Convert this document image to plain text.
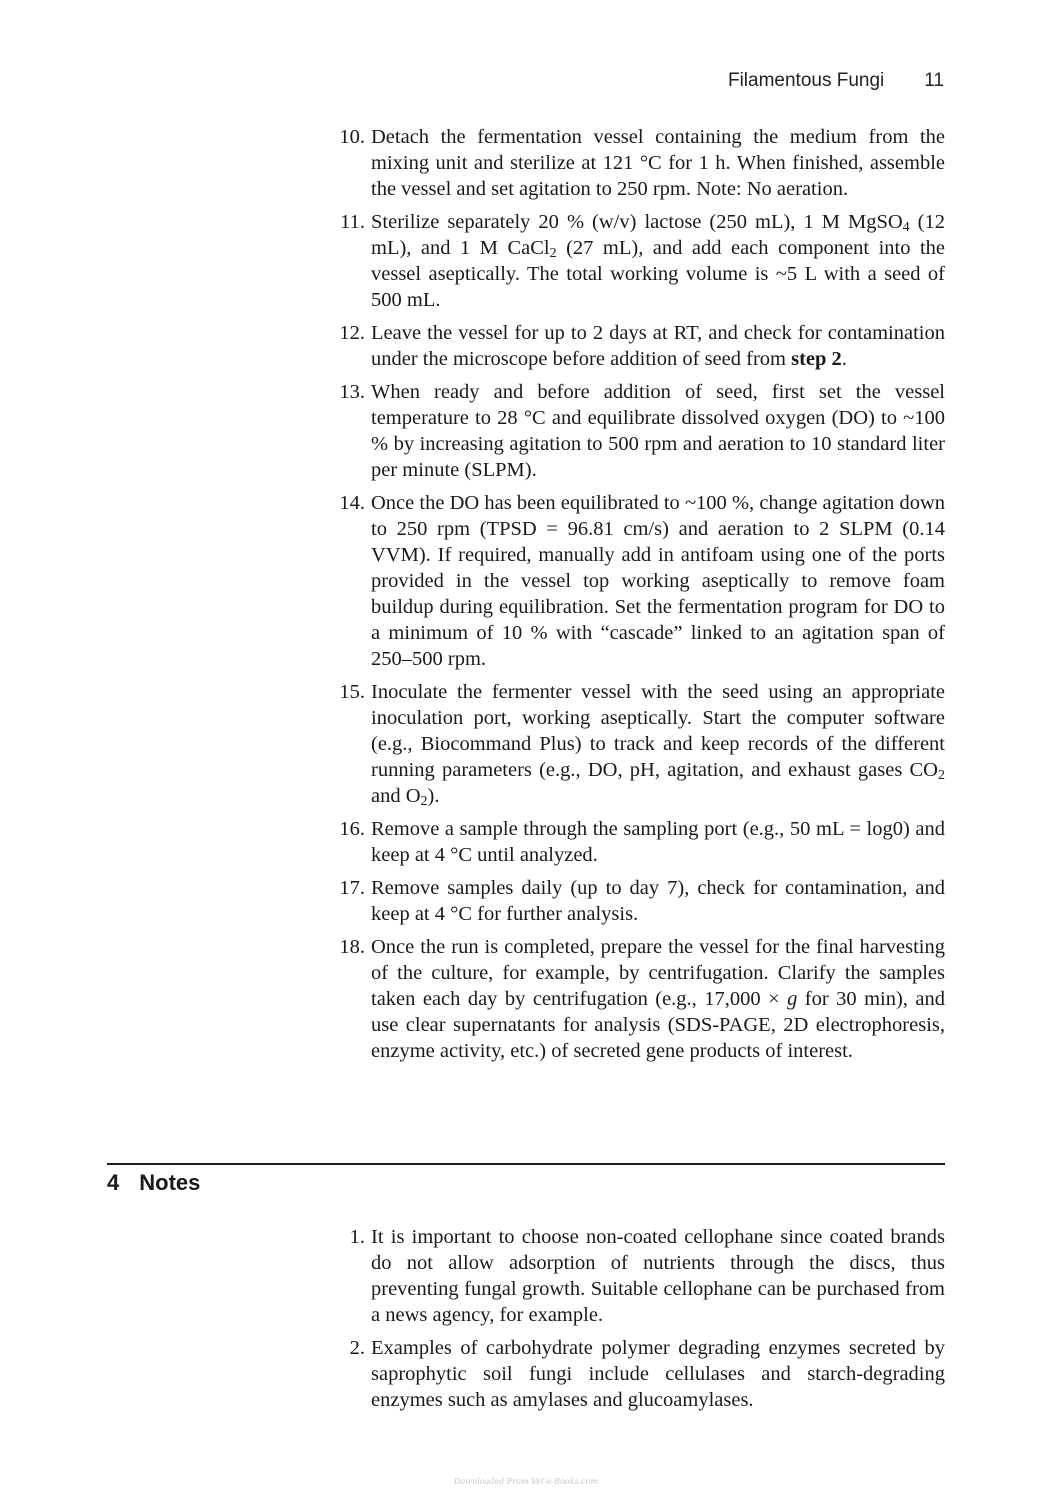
Filamentous Fungi 11
10. Detach the fermentation vessel containing the medium from the mixing unit and sterilize at 121 °C for 1 h. When finished, assemble the vessel and set agitation to 250 rpm. Note: No aeration.
11. Sterilize separately 20 % (w/v) lactose (250 mL), 1 M MgSO$_4$ (12 mL), and 1 M CaCl$_2$ (27 mL), and add each component into the vessel aseptically. The total working volume is ~5 L with a seed of 500 mL.
12. Leave the vessel for up to 2 days at RT, and check for contamination under the microscope before addition of seed from step 2.
13. When ready and before addition of seed, first set the vessel temperature to 28 °C and equilibrate dissolved oxygen (DO) to ~100 % by increasing agitation to 500 rpm and aeration to 10 standard liter per minute (SLPM).
14. Once the DO has been equilibrated to ~100 %, change agitation down to 250 rpm (TPSD = 96.81 cm/s) and aeration to 2 SLPM (0.14 VVM). If required, manually add in antifoam using one of the ports provided in the vessel top working aseptically to remove foam buildup during equilibration. Set the fermentation program for DO to a minimum of 10 % with “cascade” linked to an agitation span of 250–500 rpm.
15. Inoculate the fermenter vessel with the seed using an appropriate inoculation port, working aseptically. Start the computer software (e.g., Biocommand Plus) to track and keep records of the different running parameters (e.g., DO, pH, agitation, and exhaust gases $CO_2$ and $O_2$).
16. Remove a sample through the sampling port (e.g., 50 mL = log0) and keep at 4 °C until analyzed.
17. Remove samples daily (up to day 7), check for contamination, and keep at 4 °C for further analysis.
18. Once the run is completed, prepare the vessel for the final harvesting of the culture, for example, by centrifugation. Clarify the samples taken each day by centrifugation (e.g., 17,000 × g for 30 min), and use clear supernatants for analysis (SDS-PAGE, 2D electrophoresis, enzyme activity, etc.) of secreted gene products of interest.
4 Notes
1. It is important to choose non-coated cellophane since coated brands do not allow adsorption of nutrients through the discs, thus preventing fungal growth. Suitable cellophane can be purchased from a news agency, for example.
2. Examples of carbohydrate polymer degrading enzymes secreted by saprophytic soil fungi include cellulases and starch-degrading enzymes such as amylases and glucoamylases.
Downloaded From Vet-e-Books.com
